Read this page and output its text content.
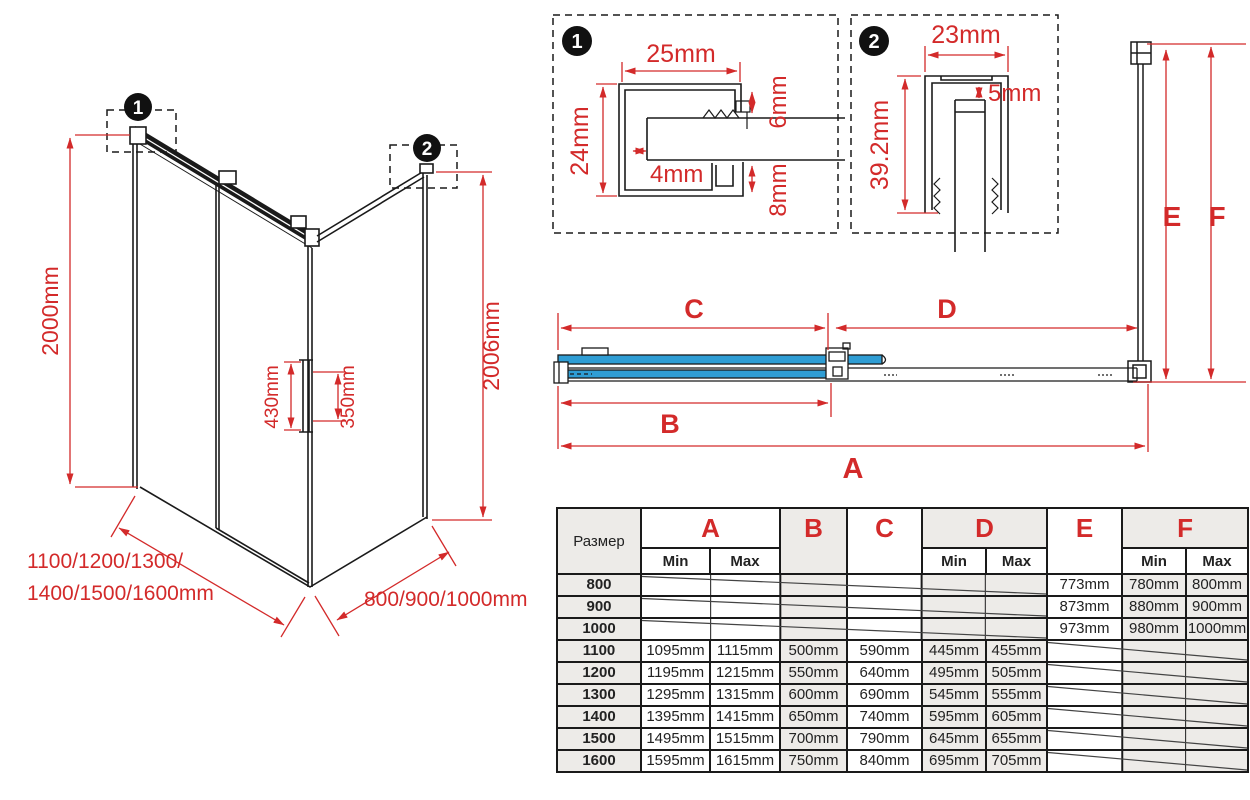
1
2
2000mm	2006mm
430mm	350mm
1100/1200/1300/
1400/1500/1600mm	800/900/1000mm
1	25mm
24mm 4mm
6mm
8mm
2 23mm
39.2mm
5mm
E F
C	D
B
A
Размер	A		B	C	D		E	F	
	Min	Max			Min	Max		Min	Max
800							773mm	780mm	800mm
900							873mm	880mm	900mm
1000							973mm	980mm	1000mm
1100	1095mm	1115mm	500mm	590mm	445mm	455mm	

1200	1195mm	1215mm	550mm	640mm	495mm	505mm	

1300	1295mm	1315mm	600mm	690mm	545mm	555mm	

1400	1395mm	1415mm	650mm	740mm	595mm	605mm	

1500	1495mm	1515mm	700mm	790mm	645mm	655mm	

1600	1595mm	1615mm	750mm	840mm	695mm	705mm	
